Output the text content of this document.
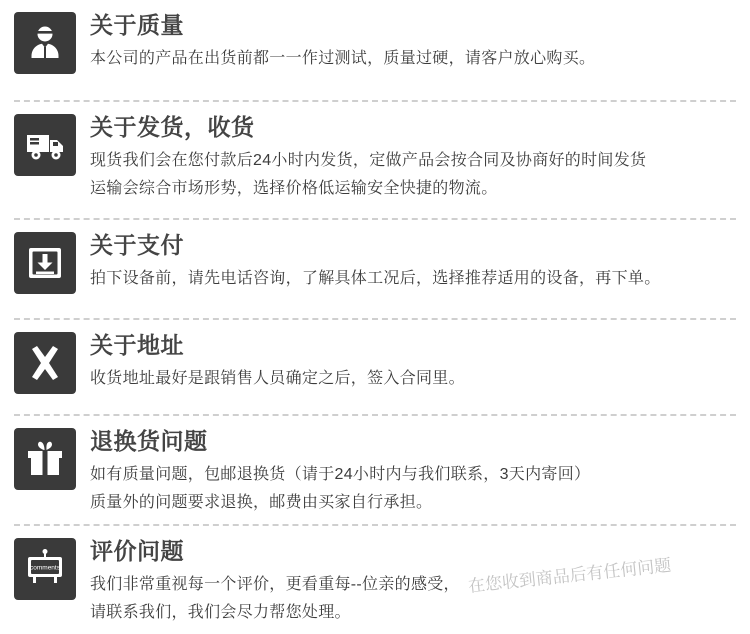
关于质量

本公司的产品在出货前都一一作过测试，质量过硬，请客户放心购买。

关于发货，收货

现货我们会在您付款后24小时内发货，定做产品会按合同及协商好的时间发货

运输会综合市场形势，选择价格低运输安全快捷的物流。

关于支付

拍下设备前，请先电话咨询，了解具体工况后，选择推荐适用的设备，再下单。

关于地址

收货地址最好是跟销售人员确定之后，签入合同里。

退换货问题

如有质量问题，包邮退换货（请于24小时内与我们联系，3天内寄回）

质量外的问题要求退换，邮费由买家自行承担。

comments
评价问题

我们非常重视每一个评价，更看重每--位亲的感受，

请联系我们，我们会尽力帮您处理。

在您收到商品后有任何问题
